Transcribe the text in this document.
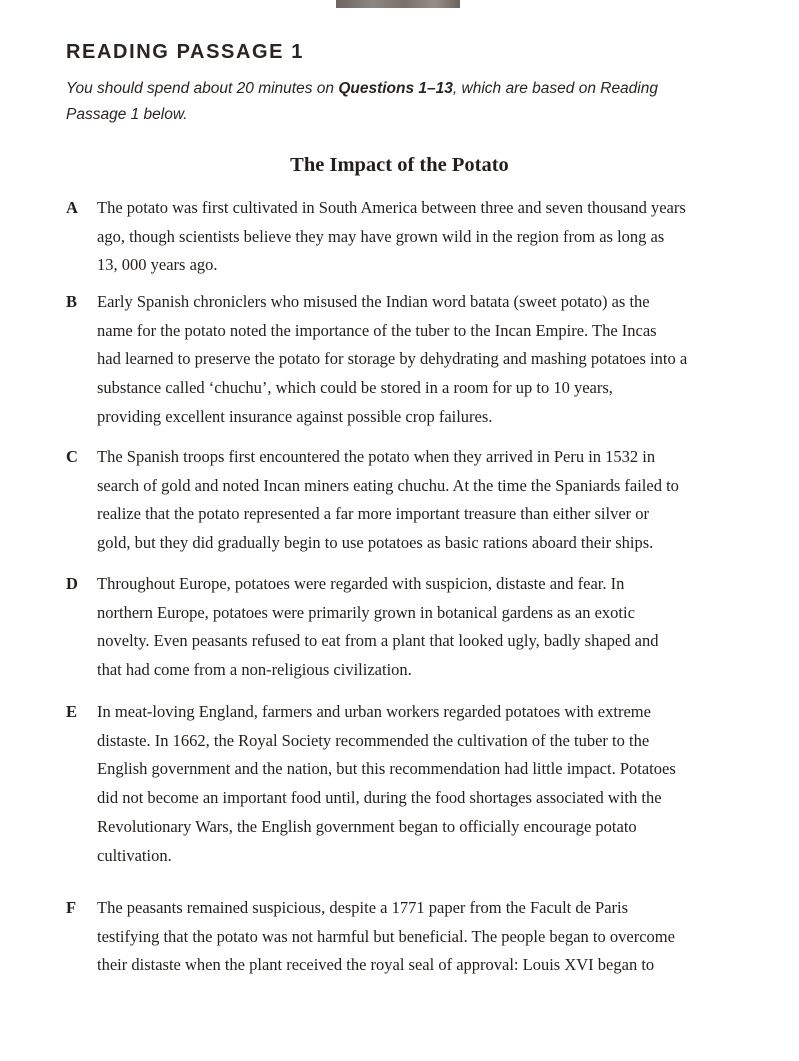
READING PASSAGE 1
You should spend about 20 minutes on Questions 1–13, which are based on Reading
Passage 1 below.
The Impact of the Potato
A The potato was first cultivated in South America between three and seven thousand years
ago, though scientists believe they may have grown wild in the region from as long as
13, 000 years ago.
B Early Spanish chroniclers who misused the Indian word batata (sweet potato) as the
name for the potato noted the importance of the tuber to the Incan Empire. The Incas
had learned to preserve the potato for storage by dehydrating and mashing potatoes into a
substance called ‘chuchu’, which could be stored in a room for up to 10 years,
providing excellent insurance against possible crop failures.
C The Spanish troops first encountered the potato when they arrived in Peru in 1532 in
search of gold and noted Incan miners eating chuchu. At the time the Spaniards failed to
realize that the potato represented a far more important treasure than either silver or
gold, but they did gradually begin to use potatoes as basic rations aboard their ships.
D Throughout Europe, potatoes were regarded with suspicion, distaste and fear. In
northern Europe, potatoes were primarily grown in botanical gardens as an exotic
novelty. Even peasants refused to eat from a plant that looked ugly, badly shaped and
that had come from a non-religious civilization.
E In meat-loving England, farmers and urban workers regarded potatoes with extreme
distaste. In 1662, the Royal Society recommended the cultivation of the tuber to the
English government and the nation, but this recommendation had little impact. Potatoes
did not become an important food until, during the food shortages associated with the
Revolutionary Wars, the English government began to officially encourage potato
cultivation.
F The peasants remained suspicious, despite a 1771 paper from the Facult de Paris
testifying that the potato was not harmful but beneficial. The people began to overcome
their distaste when the plant received the royal seal of approval: Louis XVI began to
